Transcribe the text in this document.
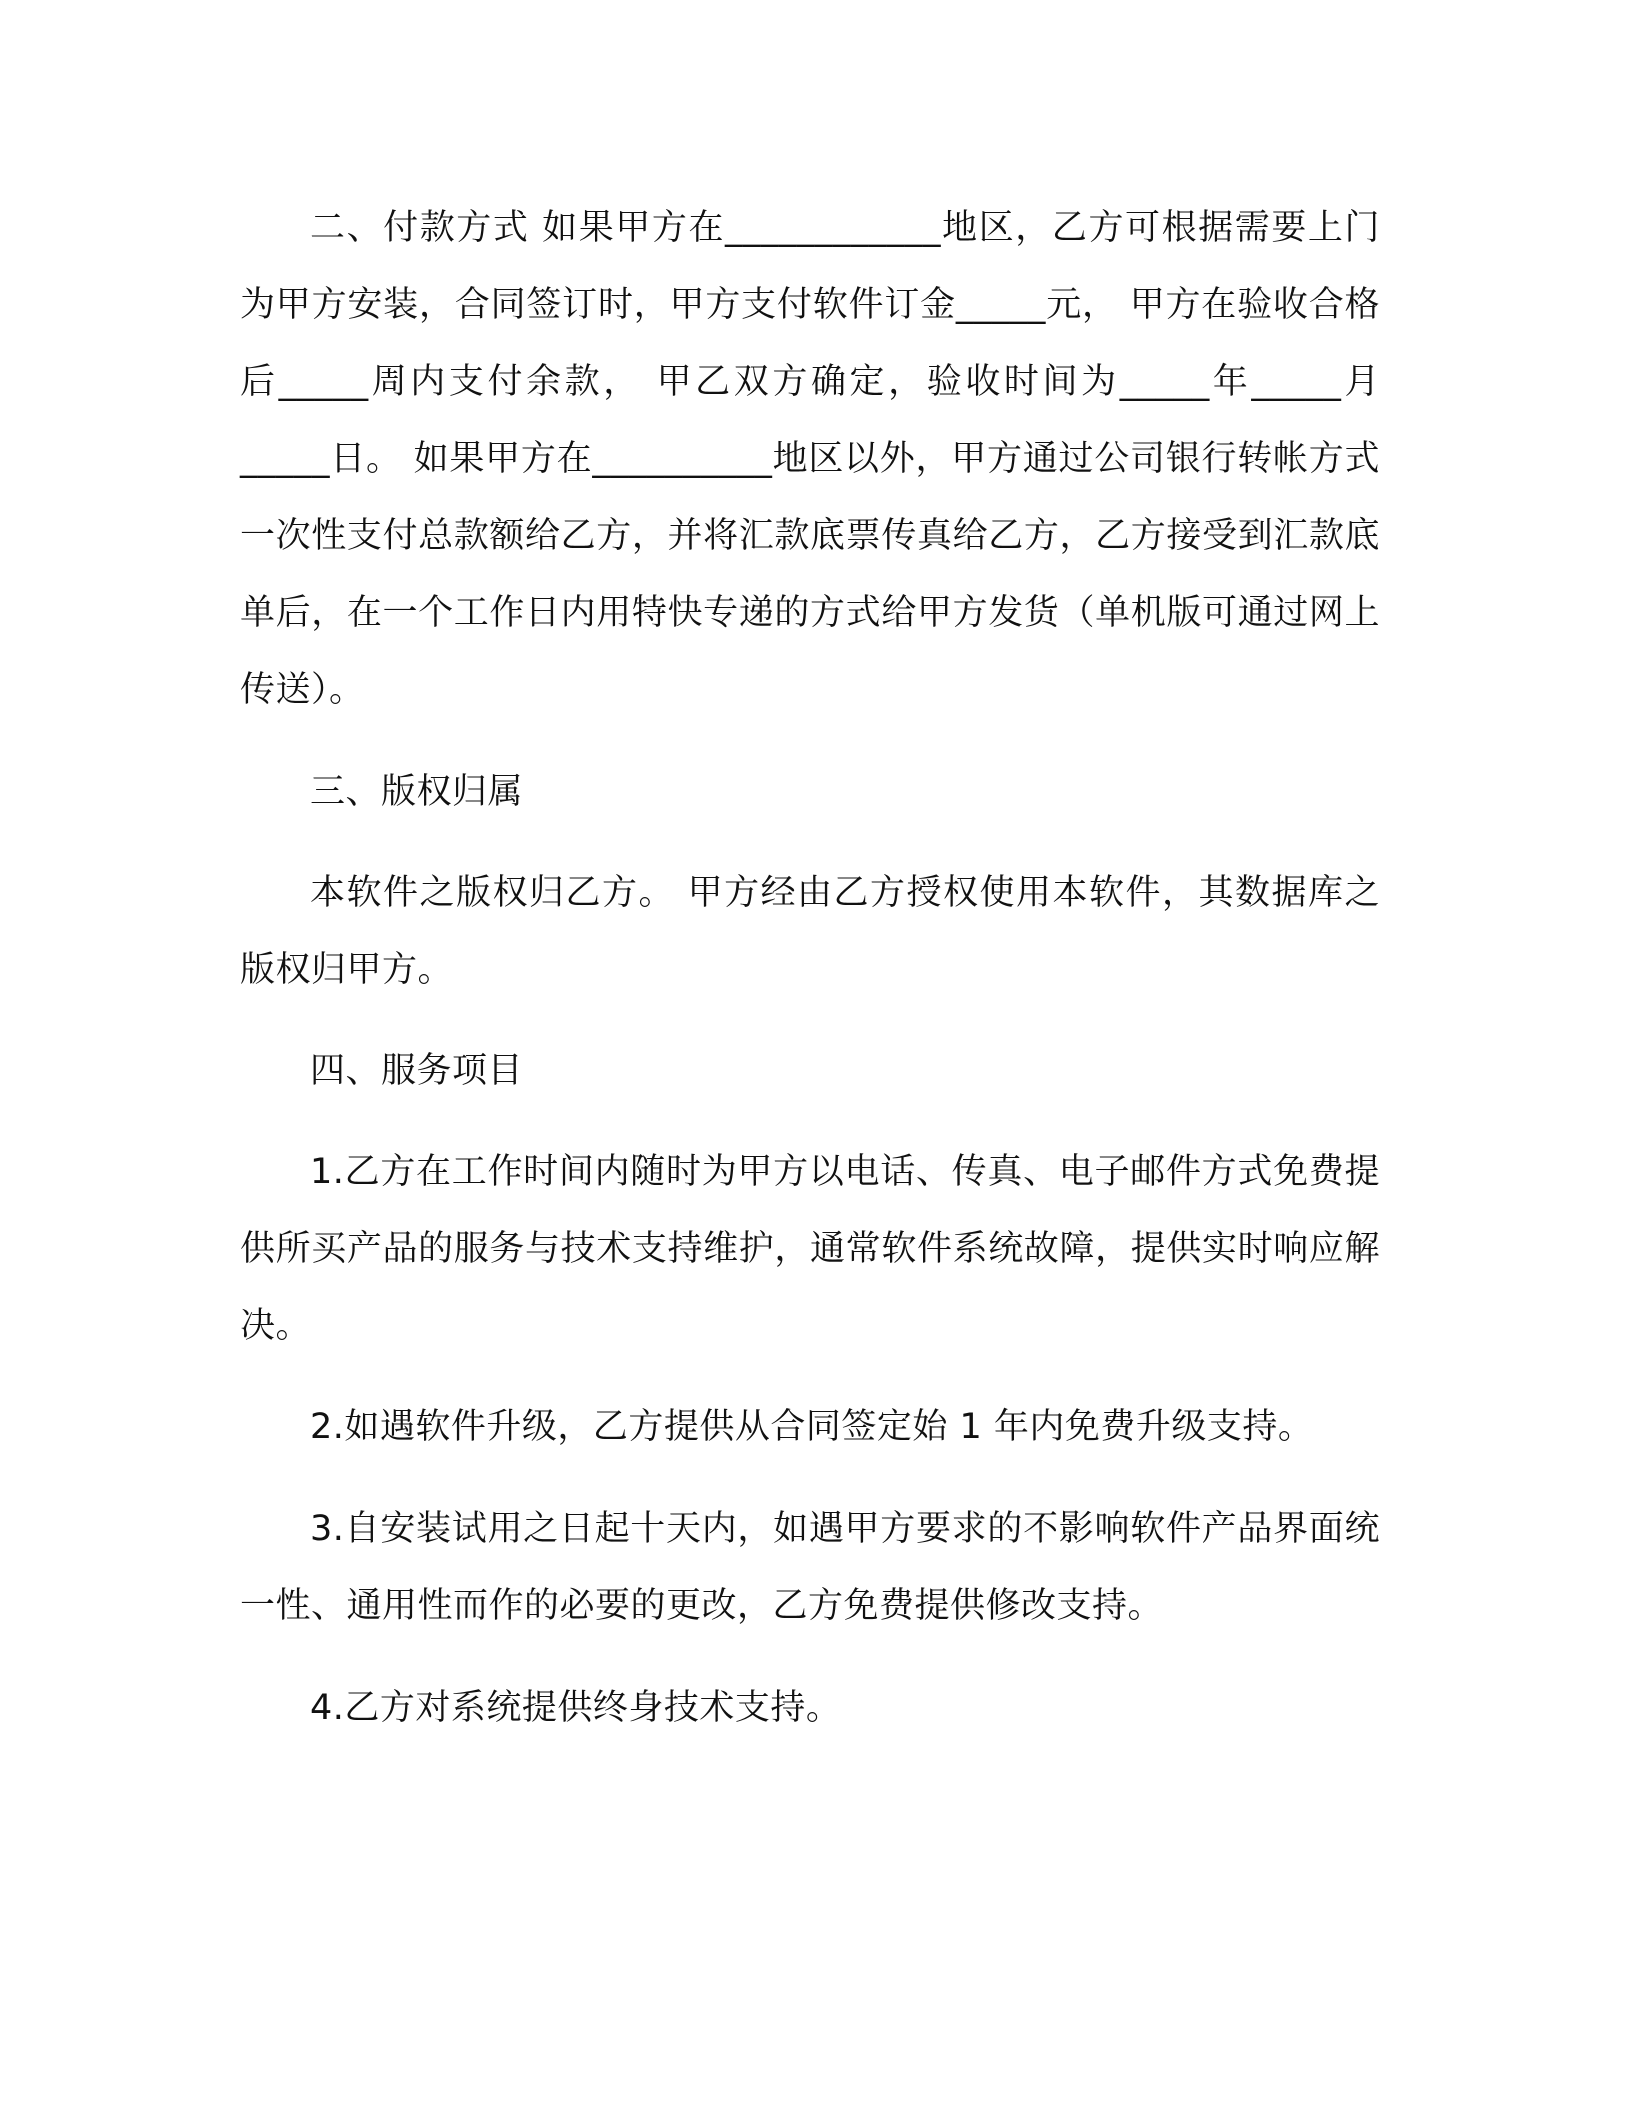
二、付款方式 如果甲方在____________地区，乙方可根据需要上门为甲方安装，合同签订时，甲方支付软件订金_____元， 甲方在验收合格后_____周内支付余款， 甲乙双方确定，验收时间为_____年_____月_____日。 如果甲方在__________地区以外，甲方通过公司银行转帐方式一次性支付总款额给乙方，并将汇款底票传真给乙方，乙方接受到汇款底单后，在一个工作日内用特快专递的方式给甲方发货（单机版可通过网上传送）。

三、版权归属

本软件之版权归乙方。 甲方经由乙方授权使用本软件，其数据库之版权归甲方。

四、服务项目

1.乙方在工作时间内随时为甲方以电话、传真、电子邮件方式免费提供所买产品的服务与技术支持维护，通常软件系统故障，提供实时响应解决。

2.如遇软件升级，乙方提供从合同签定始 1 年内免费升级支持。

3.自安装试用之日起十天内，如遇甲方要求的不影响软件产品界面统一性、通用性而作的必要的更改，乙方免费提供修改支持。

4.乙方对系统提供终身技术支持。
